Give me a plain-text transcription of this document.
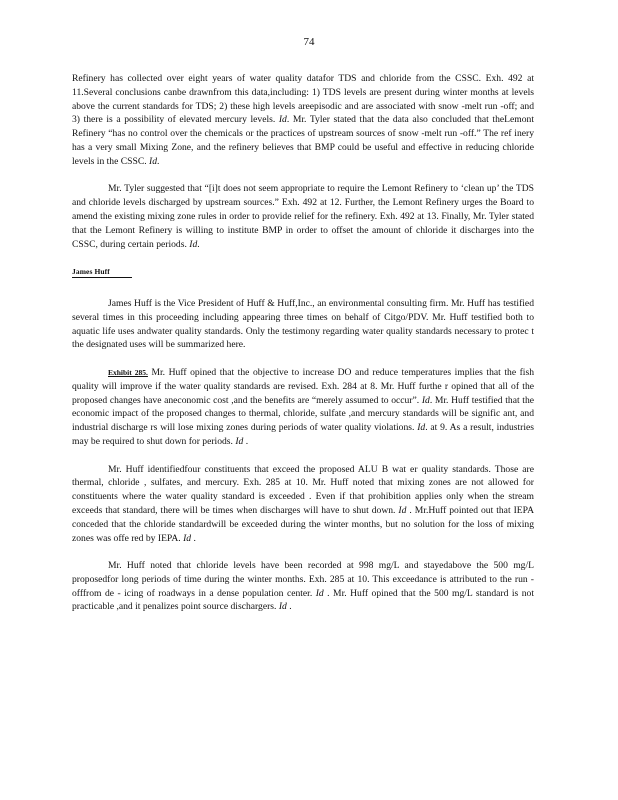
74

Refinery has collected over eight years of water quality datafor TDS and chloride from the CSSC. Exh. 492 at 11.Several conclusions canbe drawnfrom this data,including: 1) TDS levels are present during winter months at levels above the current standards for TDS; 2) these high levels areepisodic and are associated with snow -melt run -off; and 3) there is a possibility of elevated mercury levels. Id. Mr. Tyler stated that the data also concluded that theLemont Refinery “has no control over the chemicals or the practices of upstream sources of snow -melt run -off.” The ref inery has a very small Mixing Zone, and the refinery believes that BMP could be useful and effective in reducing chloride levels in the CSSC. Id.

Mr. Tyler suggested that “[i]t does not seem appropriate to require the Lemont Refinery to ‘clean up’ the TDS and chloride levels discharged by upstream sources.” Exh. 492 at 12. Further, the Lemont Refinery urges the Board to amend the existing mixing zone rules in order to provide relief for the refinery. Exh. 492 at 13. Finally, Mr. Tyler stated that the Lemont Refinery is willing to institute BMP in order to offset the amount of chloride it discharges into the CSSC, during certain periods. Id.

James Huff

James Huff is the Vice President of Huff & Huff,Inc., an environmental consulting firm. Mr. Huff has testified several times in this proceeding including appearing three times on behalf of Citgo/PDV. Mr. Huff testified both to aquatic life uses andwater quality standards. Only the testimony regarding water quality standards necessary to protec t the designated uses will be summarized here.

Exhibit 285. Mr. Huff opined that the objective to increase DO and reduce temperatures implies that the fish quality will improve if the water quality standards are revised. Exh. 284 at 8. Mr. Huff furthe r opined that all of the proposed changes have aneconomic cost ,and the benefits are “merely assumed to occur”. Id. Mr. Huff testified that the economic impact of the proposed changes to thermal, chloride, sulfate ,and mercury standards will be signific ant, and industrial discharge rs will lose mixing zones during periods of water quality violations. Id. at 9. As a result, industries may be required to shut down for periods. Id .

Mr. Huff identifiedfour constituents that exceed the proposed ALU B wat er quality standards. Those are thermal, chloride , sulfates, and mercury. Exh. 285 at 10. Mr. Huff noted that mixing zones are not allowed for constituents where the water quality standard is exceeded . Even if that prohibition applies only when the stream exceeds that standard, there will be times when discharges will have to shut down. Id . Mr.Huff pointed out that IEPA conceded that the chloride standardwill be exceeded during the winter months, but no solution for the loss of mixing zones was offe red by IEPA. Id .

Mr. Huff noted that chloride levels have been recorded at 998 mg/L and stayedabove the 500 mg/L proposedfor long periods of time during the winter months. Exh. 285 at 10. This exceedance is attributed to the run -offfrom de - icing of roadways in a dense population center. Id . Mr. Huff opined that the 500 mg/L standard is not practicable ,and it penalizes point source dischargers. Id .
